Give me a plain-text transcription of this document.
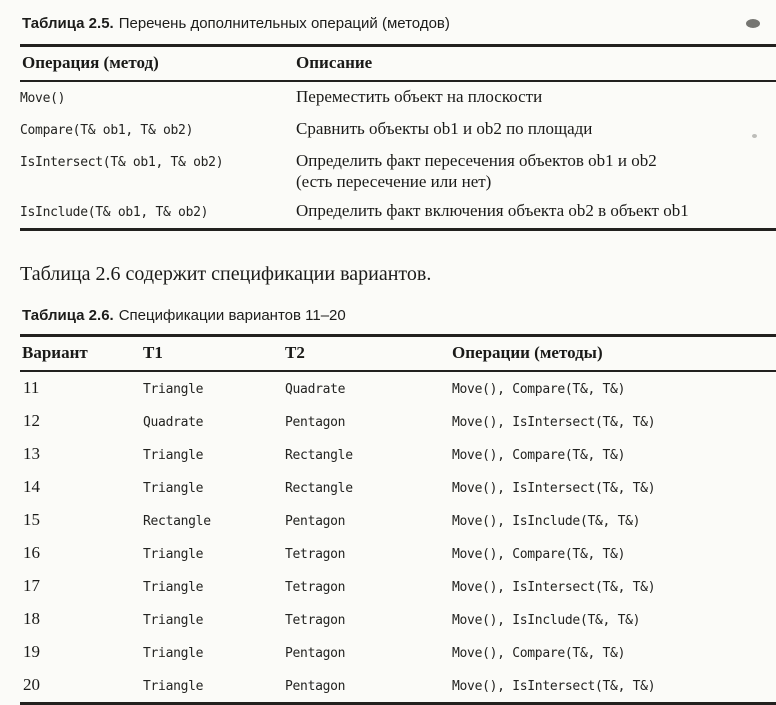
Таблица 2.5. Перечень дополнительных операций (методов)

Операция (метод)	Описание
Move()	Переместить объект на плоскости
Compare(T& ob1, T& ob2)	Сравнить объекты ob1 и ob2 по площади
IsIntersect(T& ob1, T& ob2)	Определить факт пересечения объектов ob1 и ob2
(есть пересечение или нет)
IsInclude(T& ob1, T& ob2)	Определить факт включения объекта ob2 в объект ob1

Таблица 2.6 содержит спецификации вариантов.

Таблица 2.6. Спецификации вариантов 11–20

Вариант	T1	T2	Операции (методы)
11	Triangle	Quadrate	Move(), Compare(T&, T&)
12	Quadrate	Pentagon	Move(), IsIntersect(T&, T&)
13	Triangle	Rectangle	Move(), Compare(T&, T&)
14	Triangle	Rectangle	Move(), IsIntersect(T&, T&)
15	Rectangle	Pentagon	Move(), IsInclude(T&, T&)
16	Triangle	Tetragon	Move(), Compare(T&, T&)
17	Triangle	Tetragon	Move(), IsIntersect(T&, T&)
18	Triangle	Tetragon	Move(), IsInclude(T&, T&)
19	Triangle	Pentagon	Move(), Compare(T&, T&)
20	Triangle	Pentagon	Move(), IsIntersect(T&, T&)
